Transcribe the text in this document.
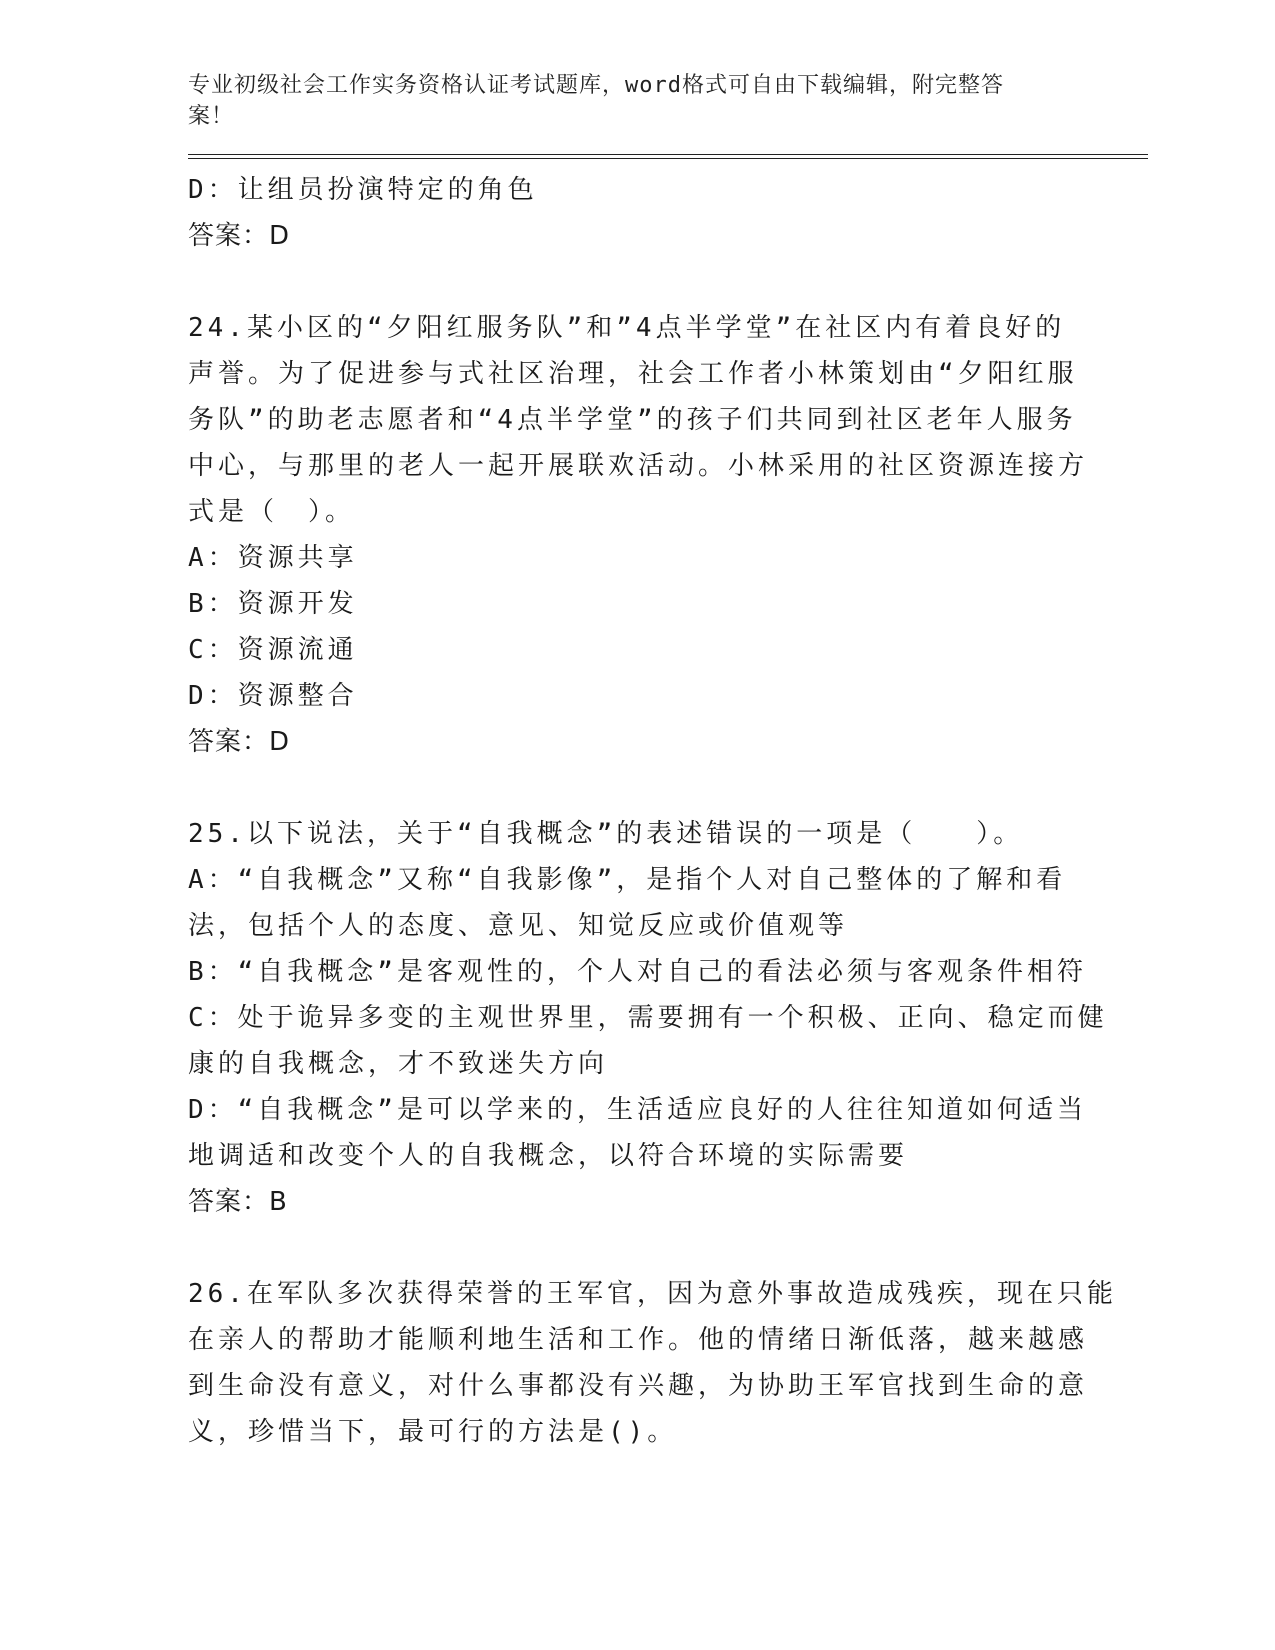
专业初级社会工作实务资格认证考试题库，word格式可自由下载编辑，附完整答
案！
D：让组员扮演特定的角色
答案：D
24.某小区的“夕阳红服务队”和”4点半学堂”在社区内有着良好的
声誉。为了促进参与式社区治理，社会工作者小林策划由“夕阳红服
务队”的助老志愿者和“4点半学堂”的孩子们共同到社区老年人服务
中心，与那里的老人一起开展联欢活动。小林采用的社区资源连接方
式是（　）。
A：资源共享
B：资源开发
C：资源流通
D：资源整合
答案：D
25.以下说法，关于“自我概念”的表述错误的一项是（　　）。
A：“自我概念”又称“自我影像”，是指个人对自己整体的了解和看
法，包括个人的态度、意见、知觉反应或价值观等
B：“自我概念”是客观性的，个人对自己的看法必须与客观条件相符
C：处于诡异多变的主观世界里，需要拥有一个积极、正向、稳定而健
康的自我概念，才不致迷失方向
D：“自我概念”是可以学来的，生活适应良好的人往往知道如何适当
地调适和改变个人的自我概念，以符合环境的实际需要
答案：B
26.在军队多次获得荣誉的王军官，因为意外事故造成残疾，现在只能
在亲人的帮助才能顺利地生活和工作。他的情绪日渐低落，越来越感
到生命没有意义，对什么事都没有兴趣，为协助王军官找到生命的意
义，珍惜当下，最可行的方法是()。
